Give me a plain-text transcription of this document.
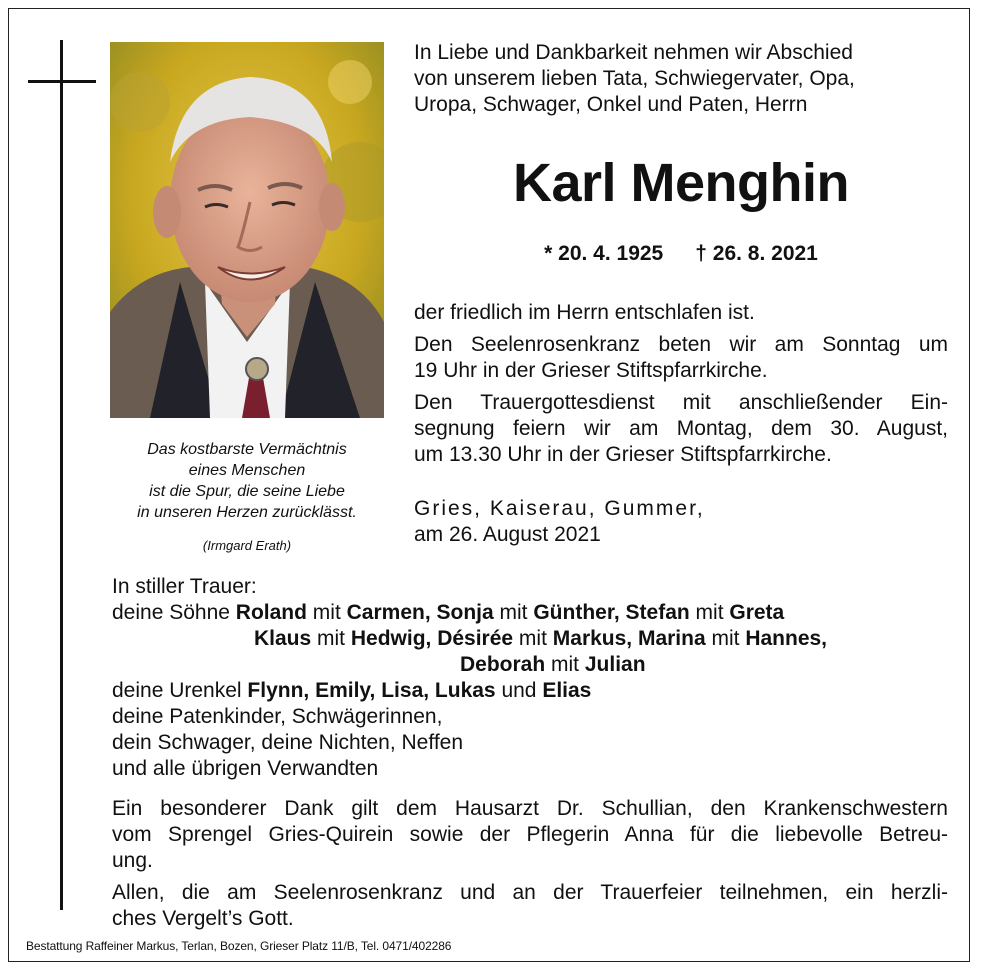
Das kostbarste Vermächtnis
eines Menschen
ist die Spur, die seine Liebe
in unseren Herzen zurücklässt.
(Irmgard Erath)
In Liebe und Dankbarkeit nehmen wir Abschied
von unserem lieben Tata, Schwiegervater, Opa,
Uropa, Schwager, Onkel und Paten, Herrn
Karl Menghin
* 20. 4. 1925 † 26. 8. 2021

der friedlich im Herrn entschlafen ist.

Den Seelenrosenkranz beten wir am Sonntag um
19 Uhr in der Grieser Stiftspfarrkirche.

Den Trauergottesdienst mit anschließender Ein-
segnung feiern wir am Montag, dem 30. August,
um 13.30 Uhr in der Grieser Stiftspfarrkirche.

Gries, Kaiserau, Gummer,
am 26. August 2021
In stiller Trauer:
deine Söhne Roland mit Carmen, Sonja mit Günther, Stefan mit Greta
Klaus mit Hedwig, Désirée mit Markus, Marina mit Hannes,
Deborah mit Julian
deine Urenkel Flynn, Emily, Lisa, Lukas und Elias
deine Patenkinder, Schwägerinnen,
dein Schwager, deine Nichten, Neffen
und alle übrigen Verwandten

Ein besonderer Dank gilt dem Hausarzt Dr. Schullian, den Krankenschwestern
vom Sprengel Gries-Quirein sowie der Pflegerin Anna für die liebevolle Betreu-
ung.

Allen, die am Seelenrosenkranz und an der Trauerfeier teilnehmen, ein herzli-
ches Vergelt’s Gott.

Bestattung Raffeiner Markus, Terlan, Bozen, Grieser Platz 11/B, Tel. 0471/402286
